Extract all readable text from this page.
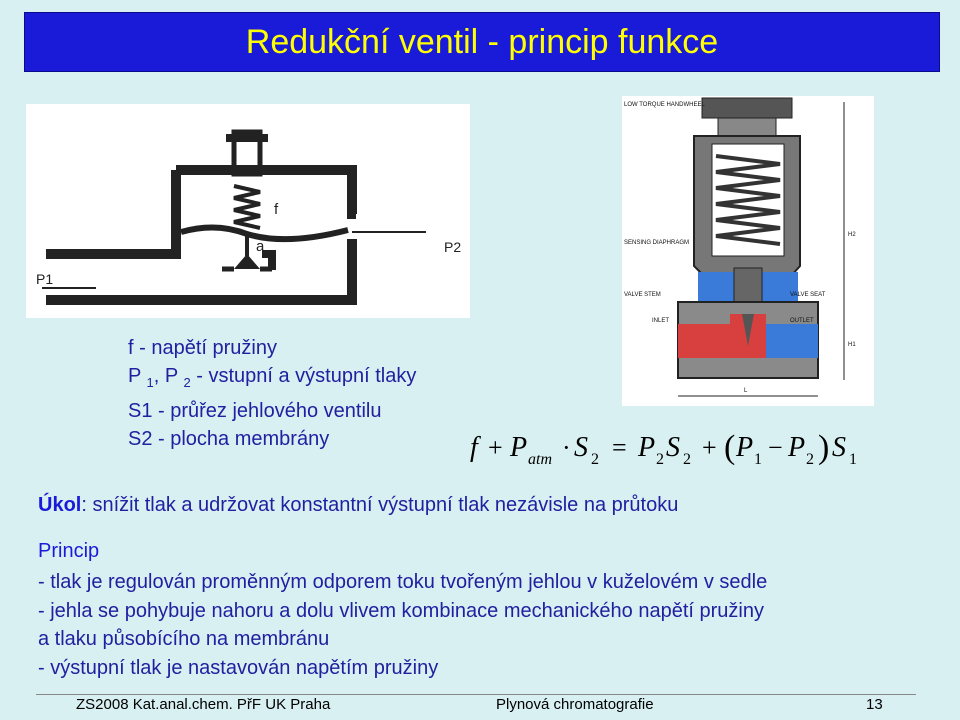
Redukční ventil - princip funkce
f
a
P1
P2
LOW TORQUE HANDWHEEL
SENSING DIAPHRAGM
VALVE STEM	VALVE SEAT
INLET	OUTLET
H2
H1
L
f - napětí pružiny
P $_1$, P $_2$ - vstupní a výstupní tlaky
S1 - průřez jehlového ventilu
S2 - plocha membrány	f + P atm · S 2 = P 2 S 2 + ( P 1 − P 2 ) S 1
Úkol: snížit tlak a udržovat konstantní výstupní tlak nezávisle na průtoku
Princip
- tlak je regulován proměnným odporem toku tvořeným jehlou v kuželovém v sedle
- jehla se pohybuje nahoru a dolu vlivem kombinace mechanického napětí pružiny
a tlaku působícího na membránu
- výstupní tlak je nastavován napětím pružiny
ZS2008 Kat.anal.chem. PřF UK Praha	Plynová chromatografie	13
